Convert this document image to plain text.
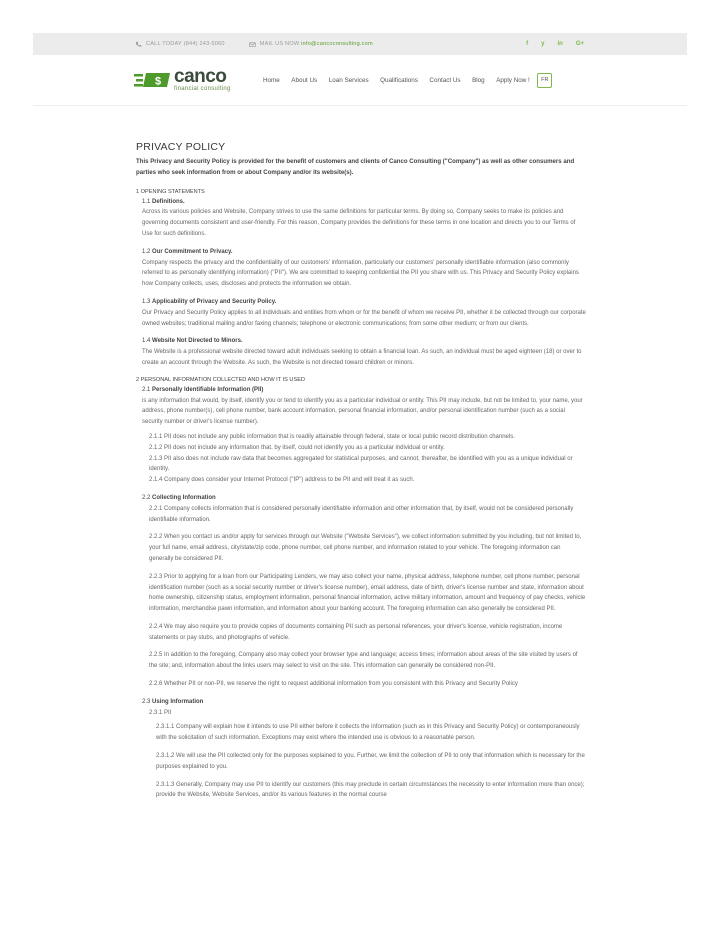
CALL TODAY (844) 243-5060	MAIL US NOW
info@cancoconsulting.com	f y in G+
$ canco
financial consulting
Home About Us Loan Services Qualifications Contact Us Blog Apply Now !	FR
PRIVACY POLICY

This Privacy and Security Policy is provided for the benefit of customers and clients of Canco Consulting ("Company") as well as other consumers and parties who seek information from or about Company and/or its website(s).

1 OPENING STATEMENTS
1.1 Definitions.

Across its various policies and Website, Company strives to use the same definitions for particular terms. By doing so, Company seeks to make its policies and governing documents consistent and user-friendly. For this reason, Company provides the definitions for these terms in one location and directs you to our Terms of Use for such definitions.

1.2 Our Commitment to Privacy.

Company respects the privacy and the confidentiality of our customers' information, particularly our customers' personally identifiable information (also commonly referred to as personally identifying information) ("PII"). We are committed to keeping confidential the PII you share with us. This Privacy and Security Policy explains how Company collects, uses, discloses and protects the information we obtain.

1.3 Applicability of Privacy and Security Policy.

Our Privacy and Security Policy applies to all individuals and entities from whom or for the benefit of whom we receive PII, whether it be collected through our corporate owned websites; traditional mailing and/or faxing channels; telephone or electronic communications; from some other medium; or from our clients.

1.4 Website Not Directed to Minors.

The Website is a professional website directed toward adult individuals seeking to obtain a financial loan. As such, an individual must be aged eighteen (18) or over to create an account through the Website. As such, the Website is not directed toward children or minors.

2 PERSONAL INFORMATION COLLECTED AND HOW IT IS USED
2.1 Personally Identifiable Information (PII)

is any information that would, by itself, identify you or tend to identify you as a particular individual or entity. This PII may include, but not be limited to, your name, your address, phone number(s), cell phone number, bank account information, personal financial information, and/or personal identification number (such as a social security number or driver's license number).

2.1.1 PII does not include any public information that is readily attainable through federal, state or local public record distribution channels.

2.1.2 PII does not include any information that, by itself, could not identify you as a particular individual or entity.

2.1.3 PII also does not include raw data that becomes aggregated for statistical purposes, and cannot, thereafter, be identified with you as a unique individual or identity.

2.1.4 Company does consider your Internet Protocol ("IP") address to be PII and will treat it as such.

2.2 Collecting Information

2.2.1 Company collects information that is considered personally identifiable information and other information that, by itself, would not be considered personally identifiable information.

2.2.2 When you contact us and/or apply for services through our Website ("Website Services"), we collect information submitted by you including, but not limited to, your full name, email address, city/state/zip code, phone number, cell phone number, and information related to your vehicle. The foregoing information can generally be considered PII.

2.2.3 Prior to applying for a loan from our Participating Lenders, we may also collect your name, physical address, telephone number, cell phone number, personal identification number (such as a social security number or driver's license number), email address, date of birth, driver's license number and state, information about home ownership, citizenship status, employment information, personal financial information, active military information, amount and frequency of pay checks, vehicle information, merchandise pawn information, and information about your banking account. The foregoing information can also generally be considered PII.

2.2.4 We may also require you to provide copies of documents containing PII such as personal references, your driver's license, vehicle registration, income statements or pay stubs, and photographs of vehicle.

2.2.5 In addition to the foregoing, Company also may collect your browser type and language; access times; information about areas of the site visited by users of the site; and, information about the links users may select to visit on the site. This information can generally be considered non-PII.

2.2.6 Whether PII or non-PII, we reserve the right to request additional information from you consistent with this Privacy and Security Policy

2.3 Using Information

2.3.1 PII

2.3.1.1 Company will explain how it intends to use PII either before it collects the information (such as in this Privacy and Security Policy) or contemporaneously with the solicitation of such information. Exceptions may exist where the intended use is obvious to a reasonable person.

2.3.1.2 We will use the PII collected only for the purposes explained to you. Further, we limit the collection of PII to only that information which is necessary for the purposes explained to you.

2.3.1.3 Generally, Company may use PII to identify our customers (this may preclude in certain circumstances the necessity to enter information more than once); provide the Website, Website Services, and/or its various features in the normal course
